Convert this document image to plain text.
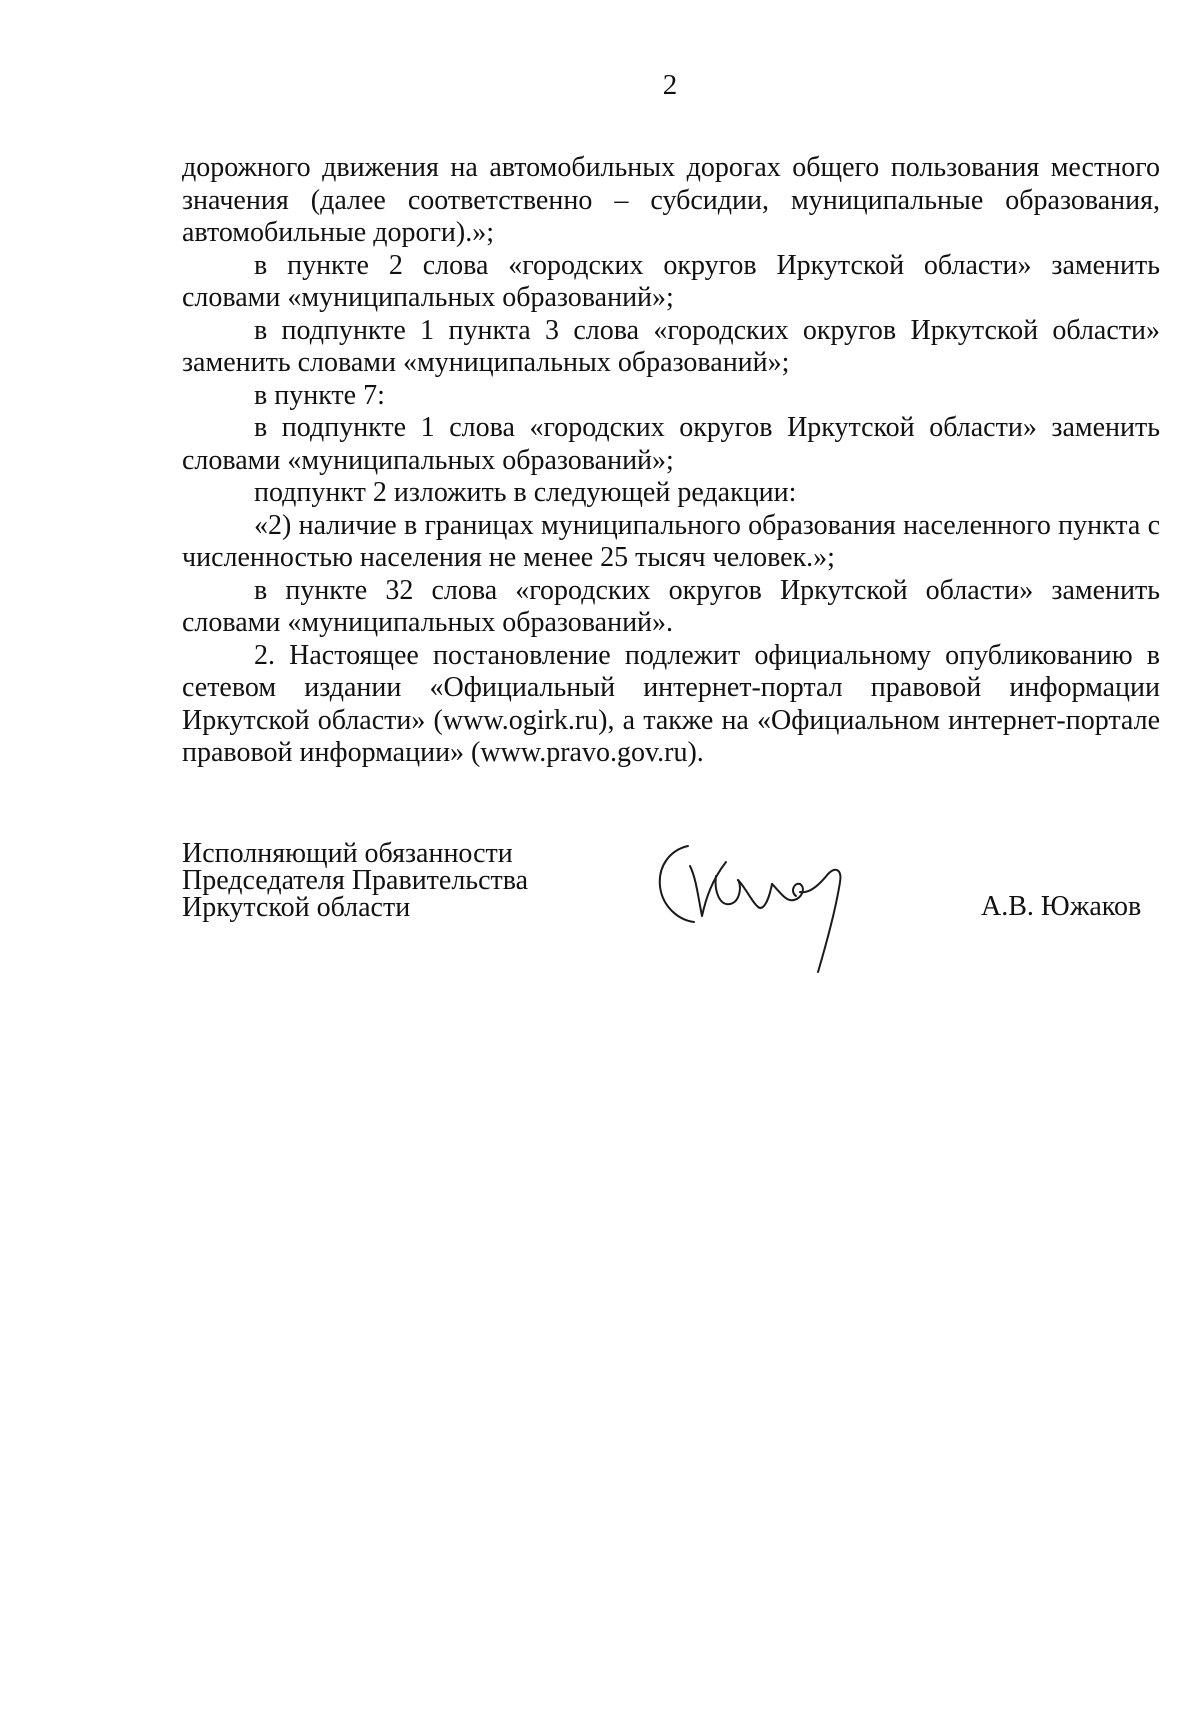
2

дорожного движения на автомобильных дорогах общего пользования местного значения (далее соответственно – субсидии, муниципальные образования, автомобильные дороги).»;

в пункте 2 слова «городских округов Иркутской области» заменить словами «муниципальных образований»;

в подпункте 1 пункта 3 слова «городских округов Иркутской области» заменить словами «муниципальных образований»;

в пункте 7:

в подпункте 1 слова «городских округов Иркутской области» заменить словами «муниципальных образований»;

подпункт 2 изложить в следующей редакции:

«2) наличие в границах муниципального образования населенного пункта с численностью населения не менее 25 тысяч человек.»;

в пункте 32 слова «городских округов Иркутской области» заменить словами «муниципальных образований».

2. Настоящее постановление подлежит официальному опубликованию в сетевом издании «Официальный интернет-портал правовой информации Иркутской области» (www.ogirk.ru), а также на «Официальном интернет-портале правовой информации» (www.pravo.gov.ru).

Исполняющий обязанности
Председателя Правительства
Иркутской области	А.В. Южаков
